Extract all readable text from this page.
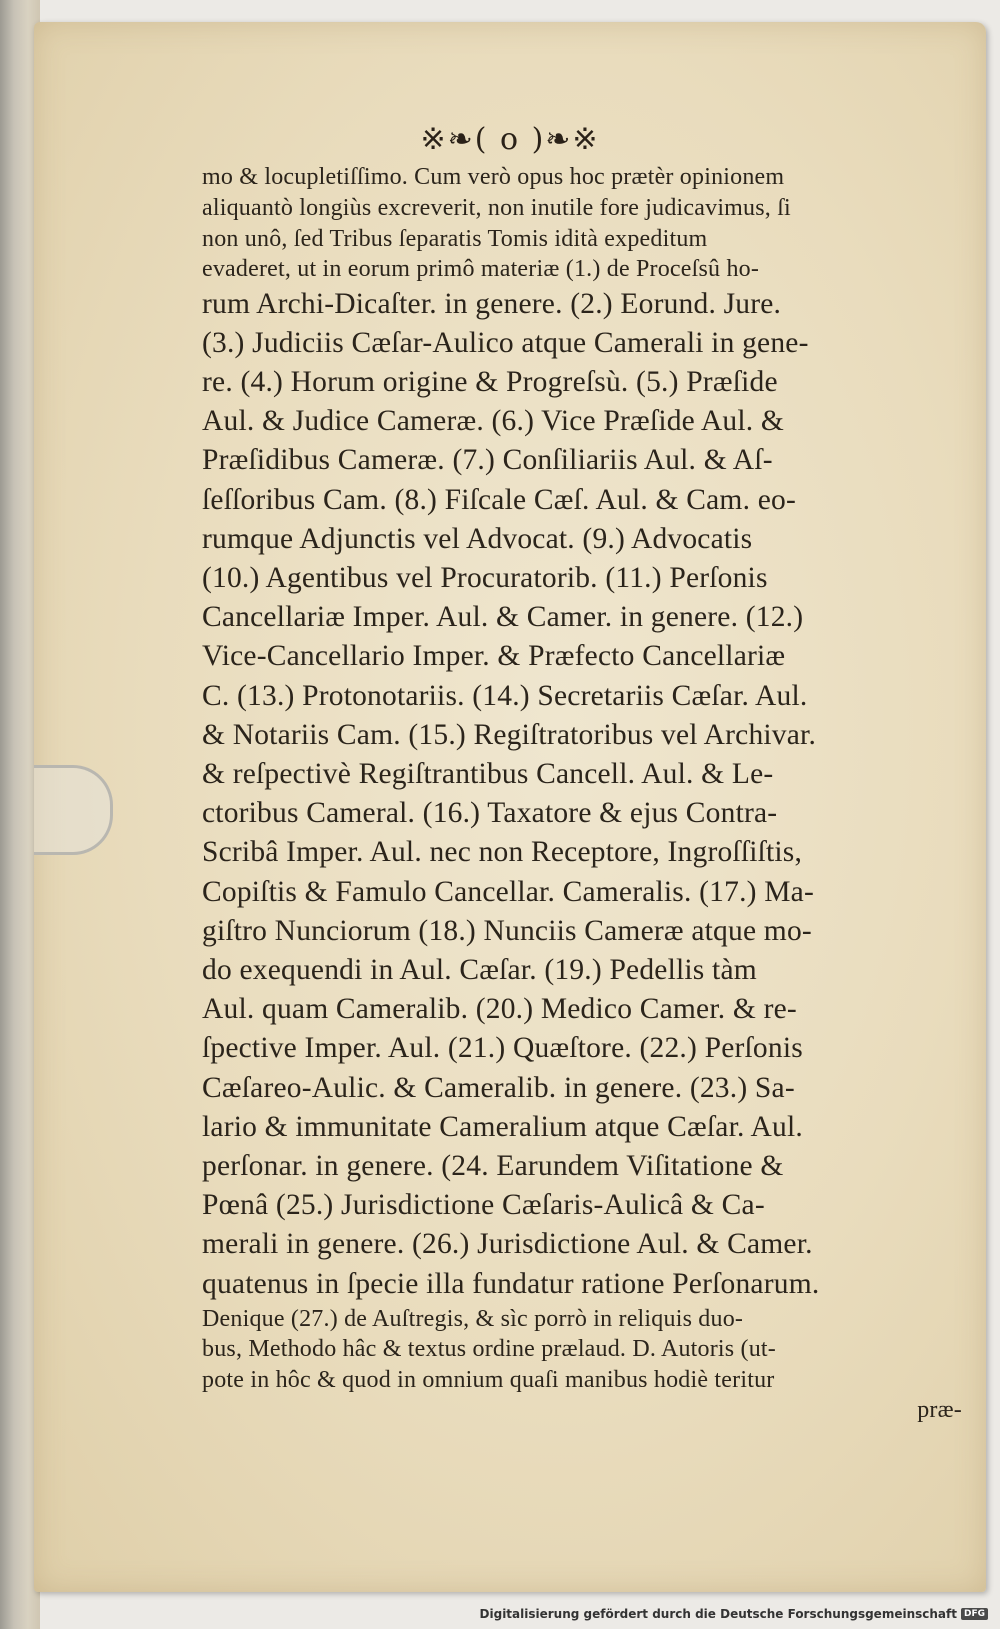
※❧( o )❧※
mo & locupletiſſimo. Cum verò opus hoc prætèr opinionem
aliquantò longiùs excreverit, non inutile fore judicavimus, ſi
non unô, ſed Tribus ſeparatis Tomis idità expeditum
evaderet, ut in eorum primô materiæ (1.) de Proceſsû ho-
rum Archi-Dicaſter. in genere. (2.) Eorund. Jure.
(3.) Judiciis Cæſar-Aulico atque Camerali in gene-
re. (4.) Horum origine & Progreſsù. (5.) Præſide
Aul. & Judice Cameræ. (6.) Vice Præſide Aul. &
Præſidibus Cameræ. (7.) Conſiliariis Aul. & Aſ-
ſeſſoribus Cam. (8.) Fiſcale Cæſ. Aul. & Cam. eo-
rumque Adjunctis vel Advocat. (9.) Advocatis
(10.) Agentibus vel Procuratorib. (11.) Perſonis
Cancellariæ Imper. Aul. & Camer. in genere. (12.)
Vice-Cancellario Imper. & Præfecto Cancellariæ
C. (13.) Protonotariis. (14.) Secretariis Cæſar. Aul.
& Notariis Cam. (15.) Regiſtratoribus vel Archivar.
& reſpectivè Regiſtrantibus Cancell. Aul. & Le-
ctoribus Cameral. (16.) Taxatore & ejus Contra-
Scribâ Imper. Aul. nec non Receptore, Ingroſſiſtis,
Copiſtis & Famulo Cancellar. Cameralis. (17.) Ma-
giſtro Nunciorum (18.) Nunciis Cameræ atque mo-
do exequendi in Aul. Cæſar. (19.) Pedellis tàm
Aul. quam Cameralib. (20.) Medico Camer. & re-
ſpective Imper. Aul. (21.) Quæſtore. (22.) Perſonis
Cæſareo-Aulic. & Cameralib. in genere. (23.) Sa-
lario & immunitate Cameralium atque Cæſar. Aul.
perſonar. in genere. (24. Earundem Viſitatione &
Pœnâ (25.) Jurisdictione Cæſaris-Aulicâ & Ca-
merali in genere. (26.) Jurisdictione Aul. & Camer.
quatenus in ſpecie illa fundatur ratione Perſonarum.
Denique (27.) de Auſtregis, & sìc porrò in reliquis duo-
bus, Methodo hâc & textus ordine prælaud. D. Autoris (ut-
pote in hôc & quod in omnium quaſi manibus hodiè teritur
præ-
Digitalisierung gefördert durch die Deutsche Forschungsgemeinschaft DFG
